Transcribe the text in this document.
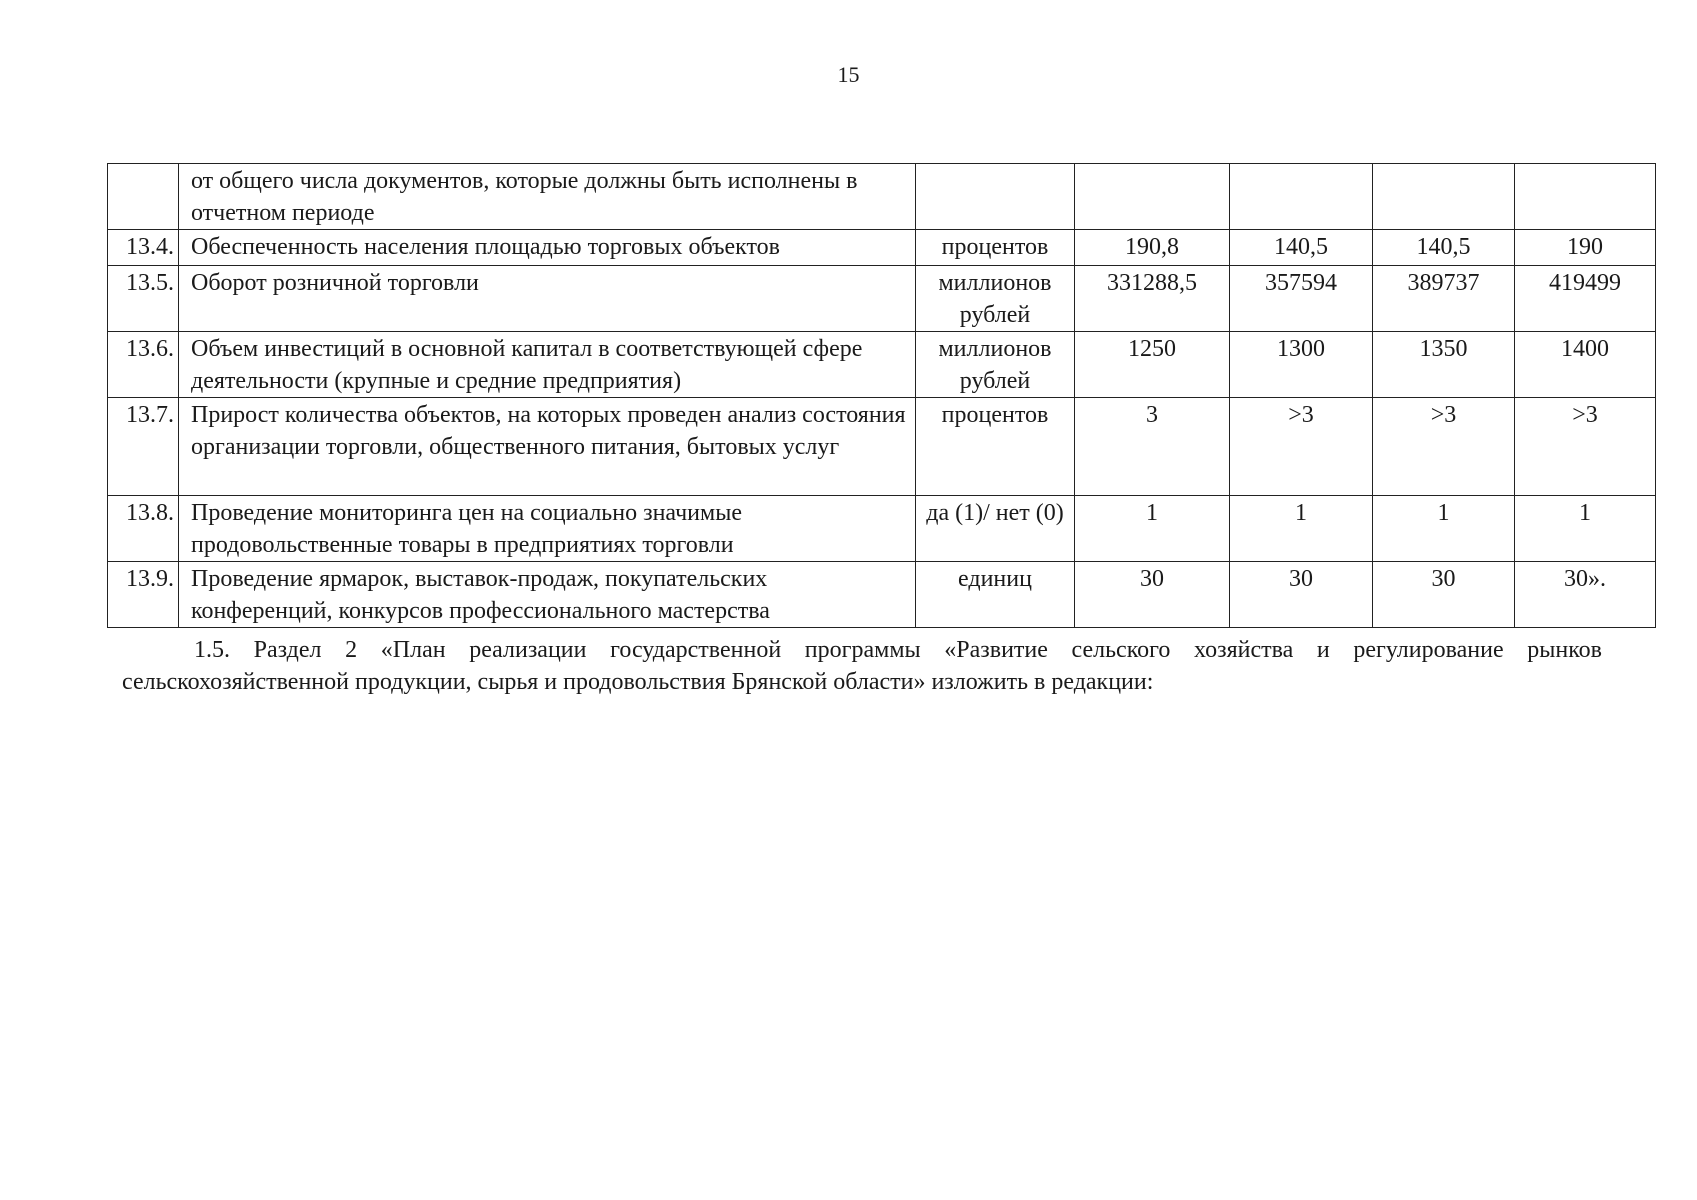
15
	от общего числа документов, которые должны быть исполнены в отчетном периоде					
13.4.	Обеспеченность населения площадью торговых объектов	процентов	190,8	140,5	140,5	190
13.5.	Оборот розничной торговли	миллионов рублей	331288,5	357594	389737	419499
13.6.	Объем инвестиций в основной капитал в соответствующей сфере деятельности (крупные и средние предприятия)	миллионов рублей	1250	1300	1350	1400
13.7.	Прирост количества объектов, на которых проведен анализ состояния организации торговли, общественного питания, бытовых услуг	процентов	3	>3	>3	>3
13.8.	Проведение мониторинга цен на социально значимые продовольственные товары в предприятиях торговли	да (1)/ нет (0)	1	1	1	1
13.9.	Проведение ярмарок, выставок-продаж, покупательских конференций, конкурсов профессионального мастерства	единиц	30	30	30	30».
1.5. Раздел 2 «План реализации государственной программы «Развитие сельского хозяйства и регулирование рынков сельскохозяйственной продукции, сырья и продовольствия Брянской области» изложить в редакции:
